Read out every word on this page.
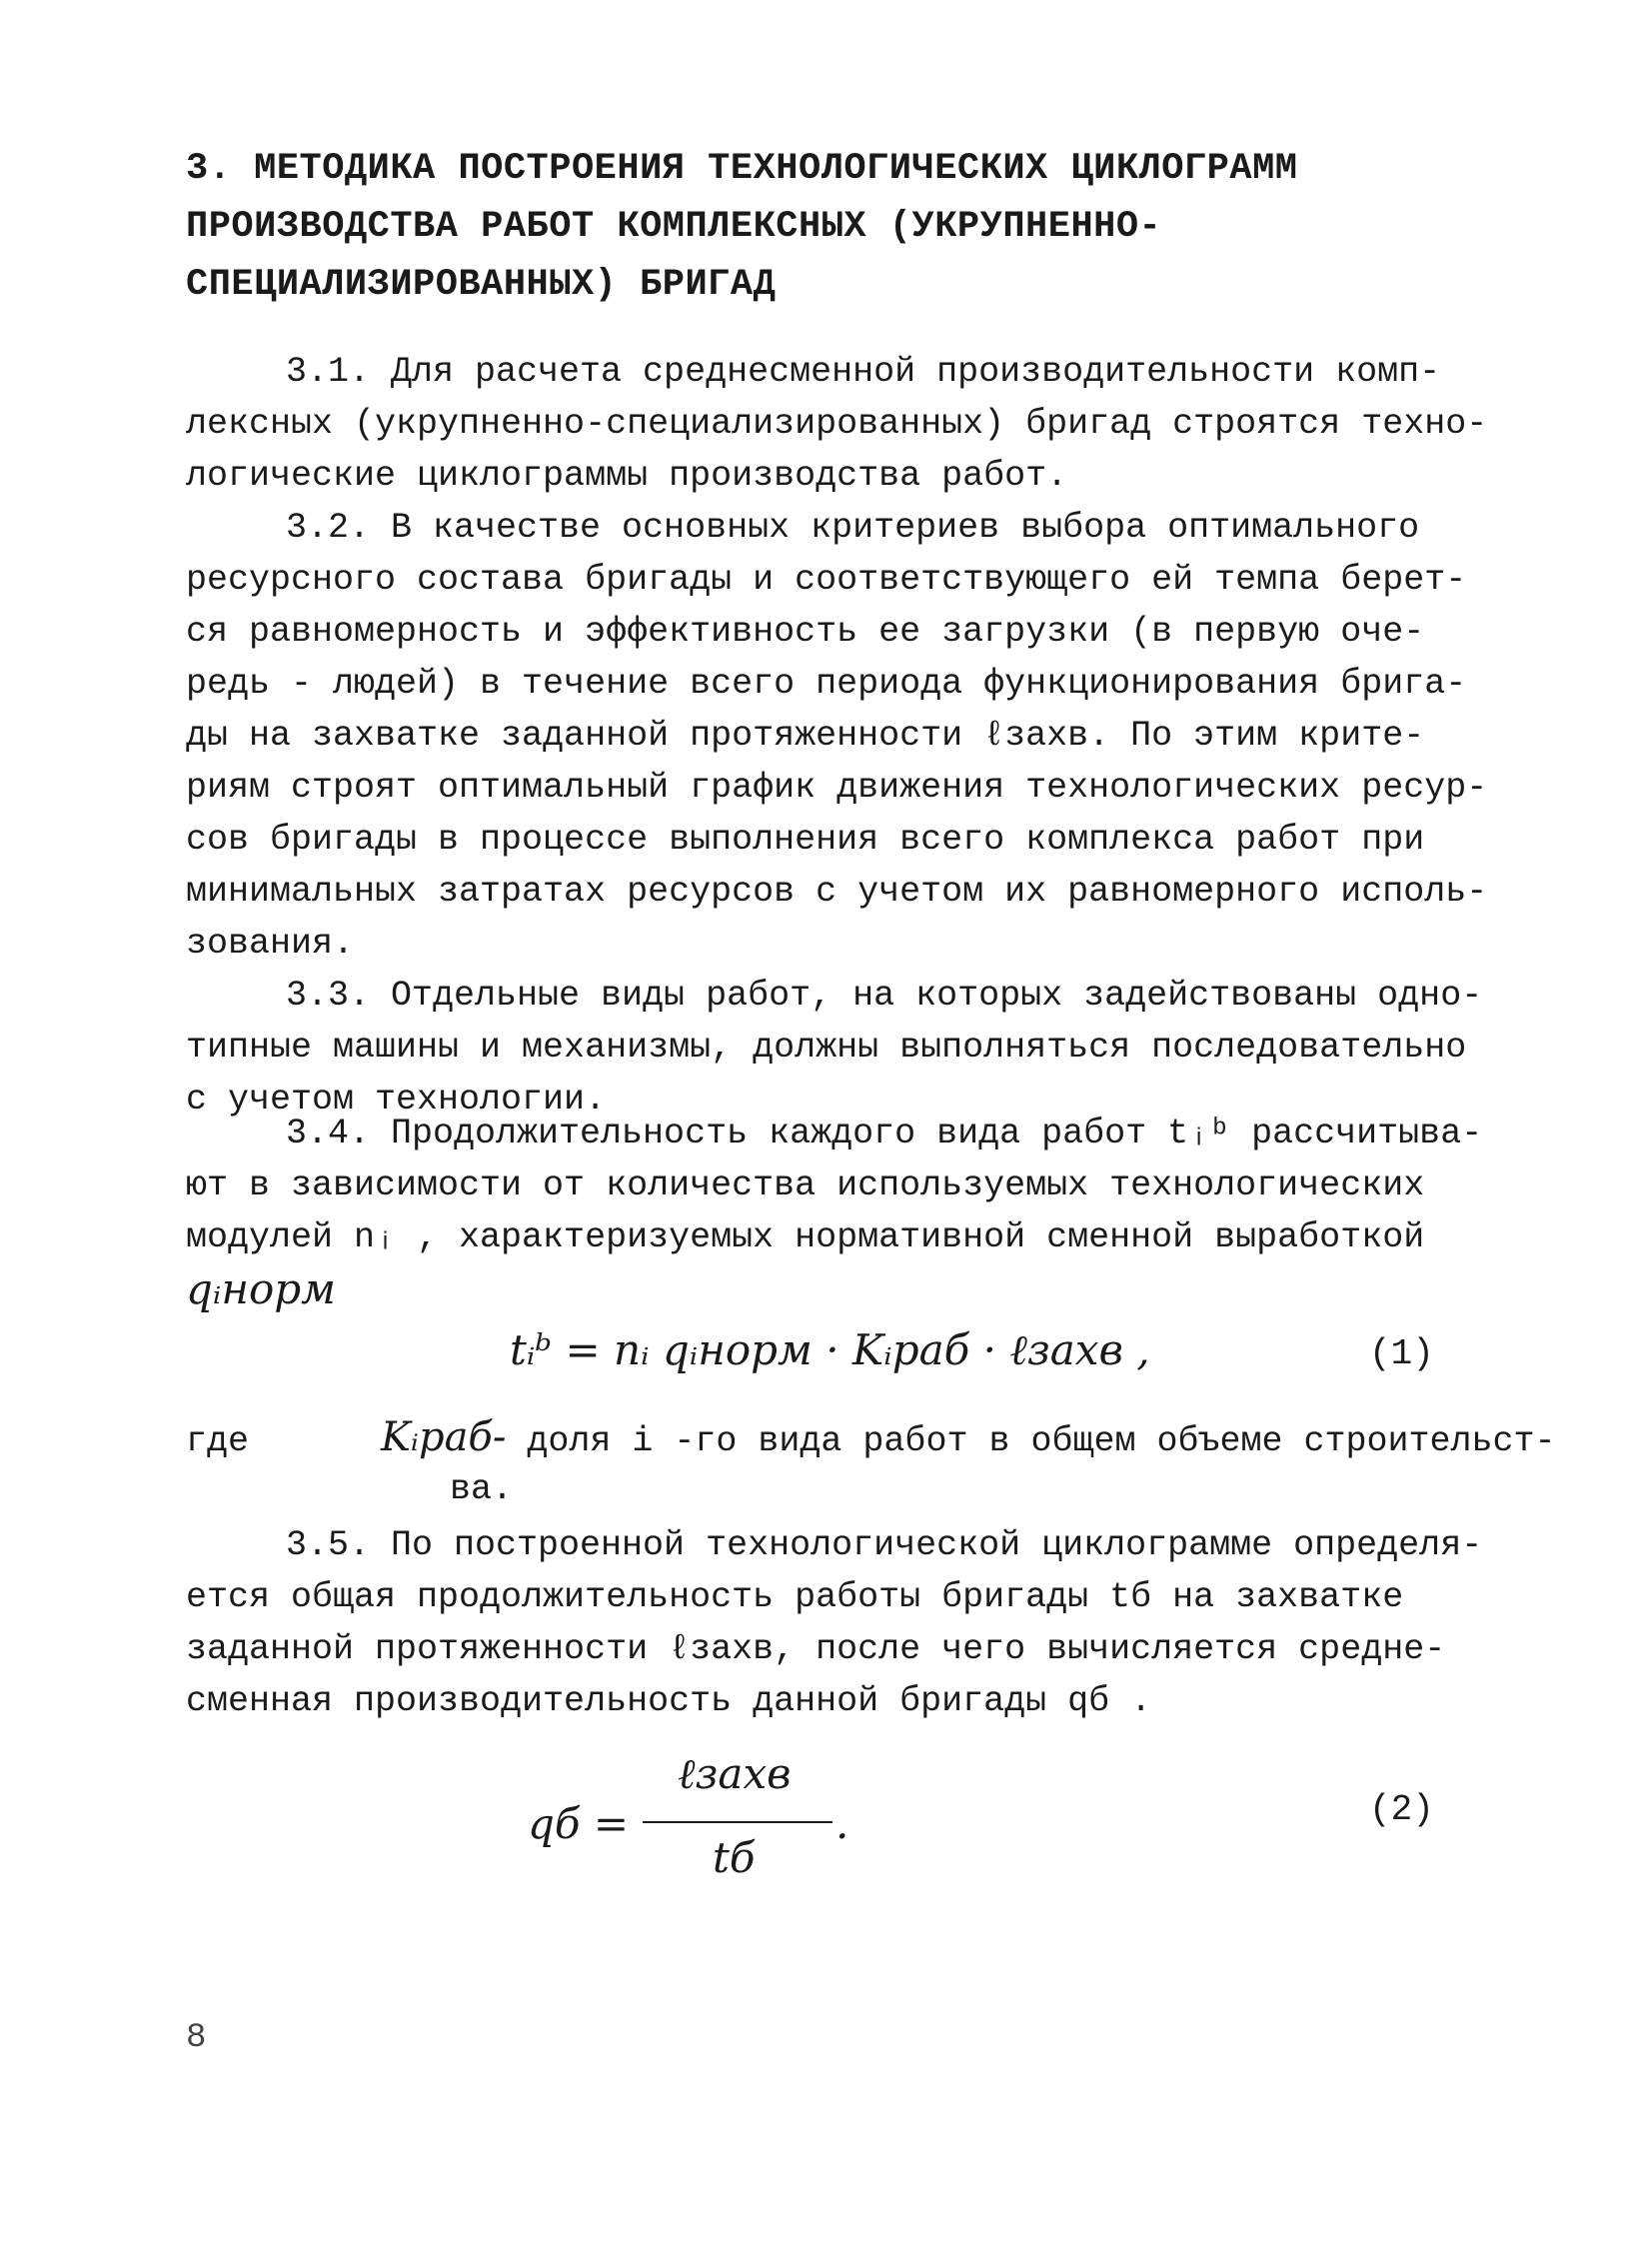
3. МЕТОДИКА ПОСТРОЕНИЯ ТЕХНОЛОГИЧЕСКИХ ЦИКЛОГРАММ
ПРОИЗВОДСТВА РАБОТ КОМПЛЕКСНЫХ (УКРУПНЕННО-
СПЕЦИАЛИЗИРОВАННЫХ) БРИГАД
3.1. Для расчета среднесменной производительности комп-
лексных (укрупненно-специализированных) бригад строятся техно-
логические циклограммы производства работ.
3.2. В качестве основных критериев выбора оптимального
ресурсного состава бригады и соответствующего ей темпа берет-
ся равномерность и эффективность ее загрузки (в первую оче-
редь - людей) в течение всего периода функционирования брига-
ды на захватке заданной протяженности ℓзахв. По этим крите-
риям строят оптимальный график движения технологических ресур-
сов бригады в процессе выполнения всего комплекса работ при
минимальных затратах ресурсов с учетом их равномерного исполь-
зования.
3.3. Отдельные виды работ, на которых задействованы одно-
типные машины и механизмы, должны выполняться последовательно
с учетом технологии.
3.4. Продолжительность каждого вида работ tᵢᵇ рассчитыва-
ют в зависимости от количества используемых технологических
модулей nᵢ , характеризуемых нормативной сменной выработкой
qᵢнорм
tᵢᵇ = nᵢ qᵢнорм · Kᵢраб · ℓзахв ,	(1)
где	Kᵢраб- доля i -го вида работ в общем объеме строительст-
ва.
3.5. По построенной технологической циклограмме определя-
ется общая продолжительность работы бригады tб на захватке
заданной протяженности ℓзахв, после чего вычисляется средне-
сменная производительность данной бригады qб .
qб =
ℓзахв
tб
.	(2)
8
